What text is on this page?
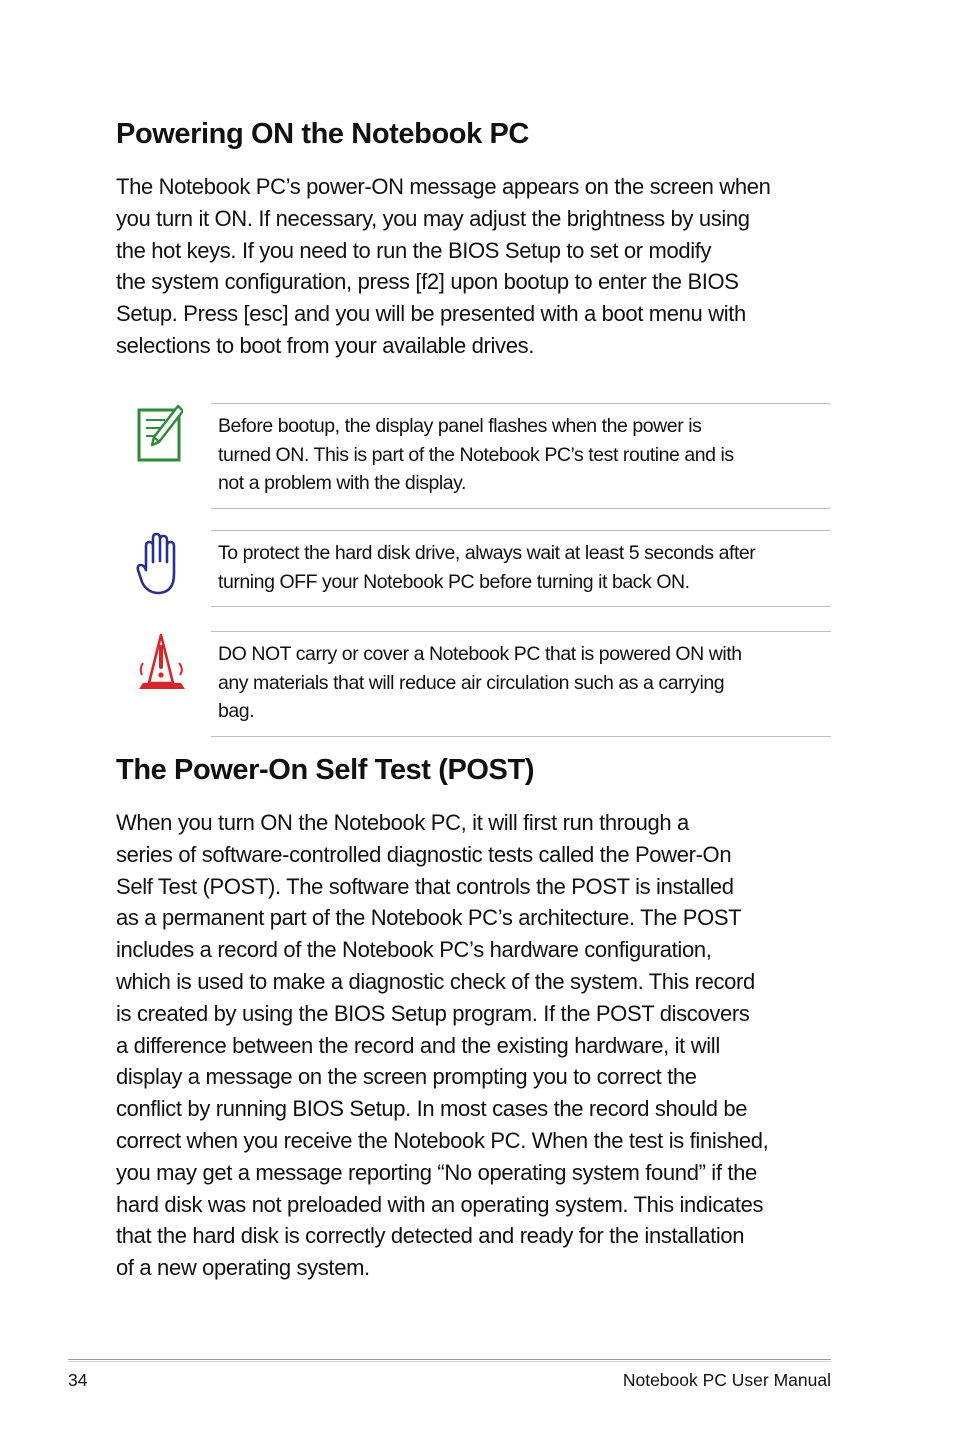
Powering ON the Notebook PC
The Notebook PC’s power-ON message appears on the screen when
you turn it ON. If necessary, you may adjust the brightness by using
the hot keys. If you need to run the BIOS Setup to set or modify
the system configuration, press [f2] upon bootup to enter the BIOS
Setup. Press [esc] and you will be presented with a boot menu with
selections to boot from your available drives.
Before bootup, the display panel flashes when the power is
turned ON. This is part of the Notebook PC’s test routine and is
not a problem with the display.
To protect the hard disk drive, always wait at least 5 seconds after
turning OFF your Notebook PC before turning it back ON.
DO NOT carry or cover a Notebook PC that is powered ON with
any materials that will reduce air circulation such as a carrying
bag.
The Power-On Self Test (POST)
When you turn ON the Notebook PC, it will first run through a
series of software-controlled diagnostic tests called the Power-On
Self Test (POST). The software that controls the POST is installed
as a permanent part of the Notebook PC’s architecture. The POST
includes a record of the Notebook PC’s hardware configuration,
which is used to make a diagnostic check of the system. This record
is created by using the BIOS Setup program. If the POST discovers
a difference between the record and the existing hardware, it will
display a message on the screen prompting you to correct the
conflict by running BIOS Setup. In most cases the record should be
correct when you receive the Notebook PC. When the test is finished,
you may get a message reporting “No operating system found” if the
hard disk was not preloaded with an operating system. This indicates
that the hard disk is correctly detected and ready for the installation
of a new operating system.

34	Notebook PC User Manual
